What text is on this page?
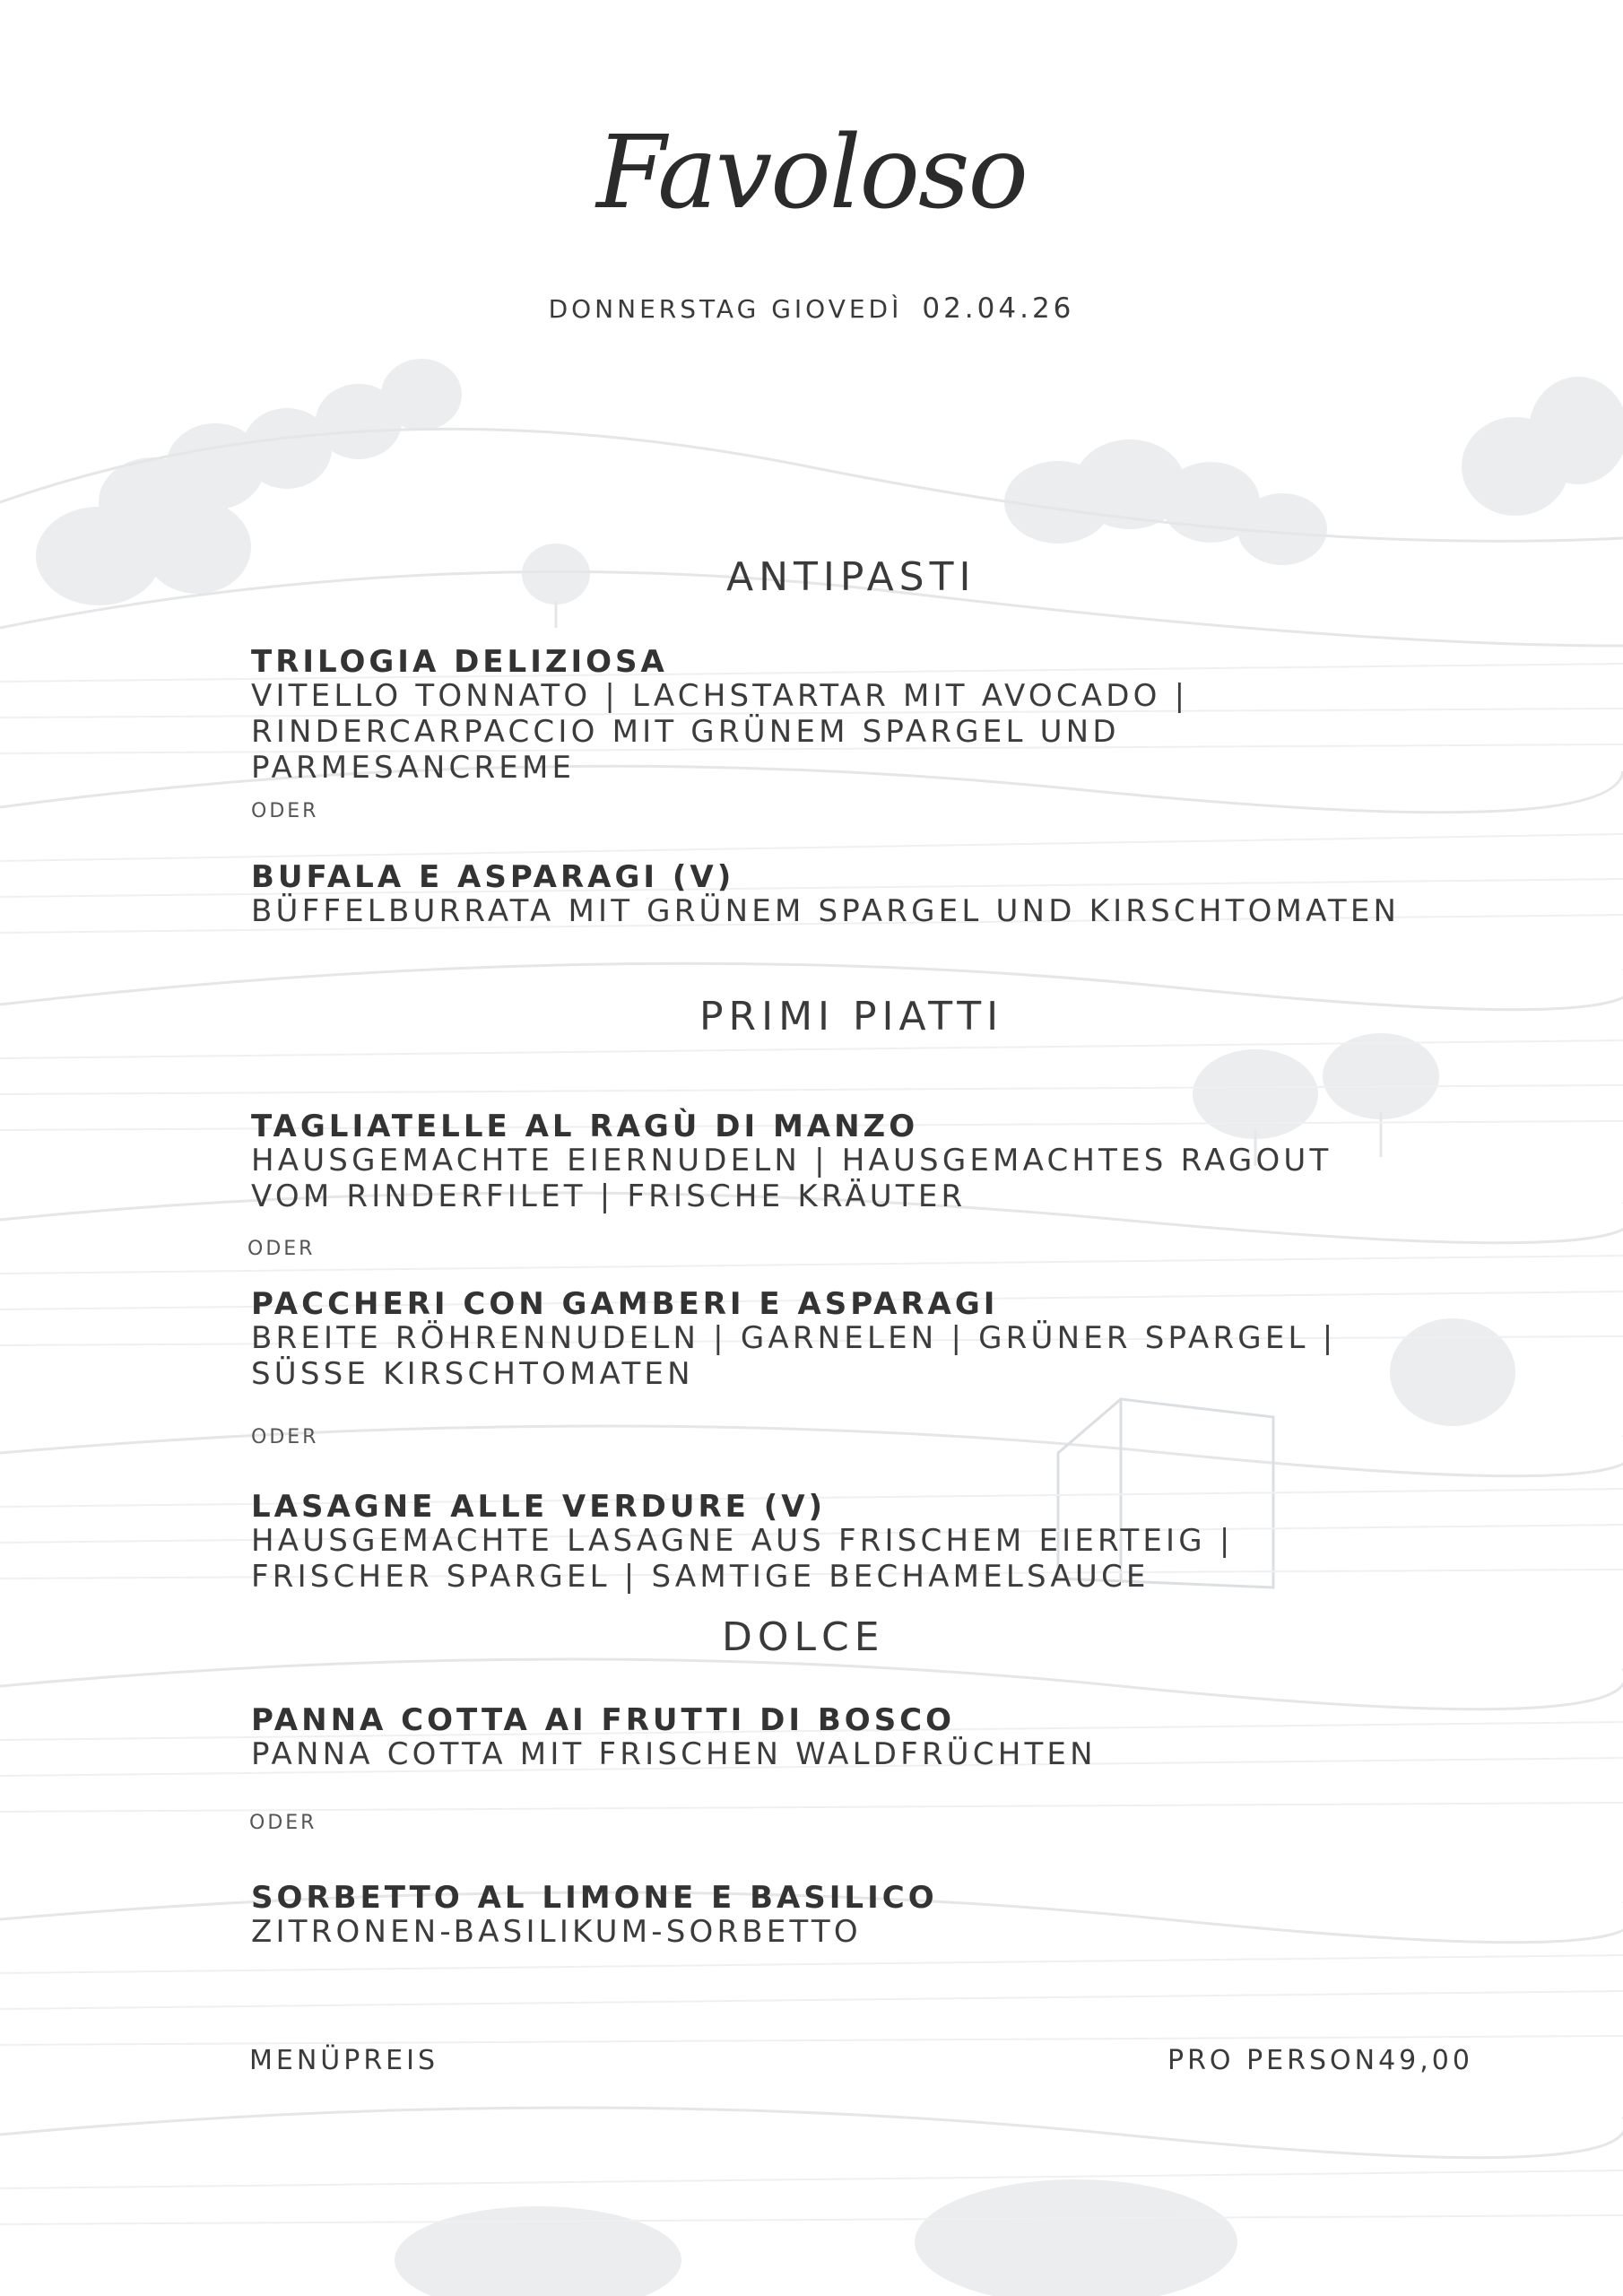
Favoloso
DONNERSTAG GIOVEDÌ 02.04.26
ANTIPASTI
TRILOGIA DELIZIOSA
VITELLO TONNATO | LACHSTARTAR MIT AVOCADO |
RINDERCARPACCIO MIT GRÜNEM SPARGEL UND
PARMESANCREME
ODER
BUFALA E ASPARAGI (V)
BÜFFELBURRATA MIT GRÜNEM SPARGEL UND KIRSCHTOMATEN
PRIMI PIATTI
TAGLIATELLE AL RAGÙ DI MANZO
HAUSGEMACHTE EIERNUDELN | HAUSGEMACHTES RAGOUT
VOM RINDERFILET | FRISCHE KRÄUTER
ODER
PACCHERI CON GAMBERI E ASPARAGI
BREITE RÖHRENNUDELN | GARNELEN | GRÜNER SPARGEL |
SÜSSE KIRSCHTOMATEN
ODER
LASAGNE ALLE VERDURE (V)
HAUSGEMACHTE LASAGNE AUS FRISCHEM EIERTEIG |
FRISCHER SPARGEL | SAMTIGE BECHAMELSAUCE
DOLCE
PANNA COTTA AI FRUTTI DI BOSCO
PANNA COTTA MIT FRISCHEN WALDFRÜCHTEN
ODER
SORBETTO AL LIMONE E BASILICO
ZITRONEN-BASILIKUM-SORBETTO
MENÜPREIS	PRO PERSON49,00
